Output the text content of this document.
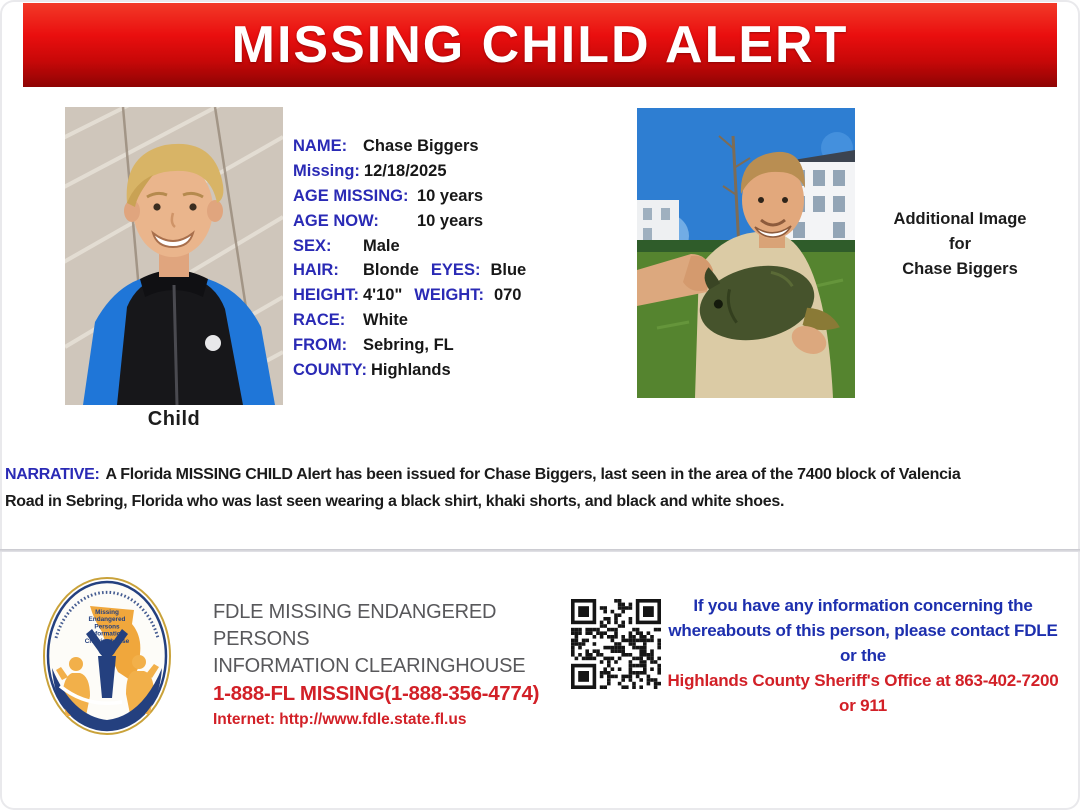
MISSING CHILD ALERT
Child
NAME: Chase Biggers
Missing: 12/18/2025
AGE MISSING: 10 years
AGE NOW:	10 years
SEX:	Male
HAIR:	Blonde EYES: Blue
HEIGHT: 4'10" WEIGHT: 070
RACE:	White
FROM: Sebring, FL
COUNTY: Highlands
Additional Image
for
Chase Biggers
NARRATIVE: A Florida MISSING CHILD Alert has been issued for Chase Biggers, last seen in the area of the 7400 block of Valencia
Road in Sebring, Florida who was last seen wearing a black shirt, khaki shorts, and black and white shoes.
Missing
Endangered
Persons
Information
Clearinghouse
FDLE MISSING ENDANGERED PERSONS
INFORMATION CLEARINGHOUSE
1-888-FL MISSING(1-888-356-4774)
Internet: http://www.fdle.state.fl.us
If you have any information concerning the
whereabouts of this person, please contact FDLE
or the
Highlands County Sheriff's Office at 863-402-7200
or 911
